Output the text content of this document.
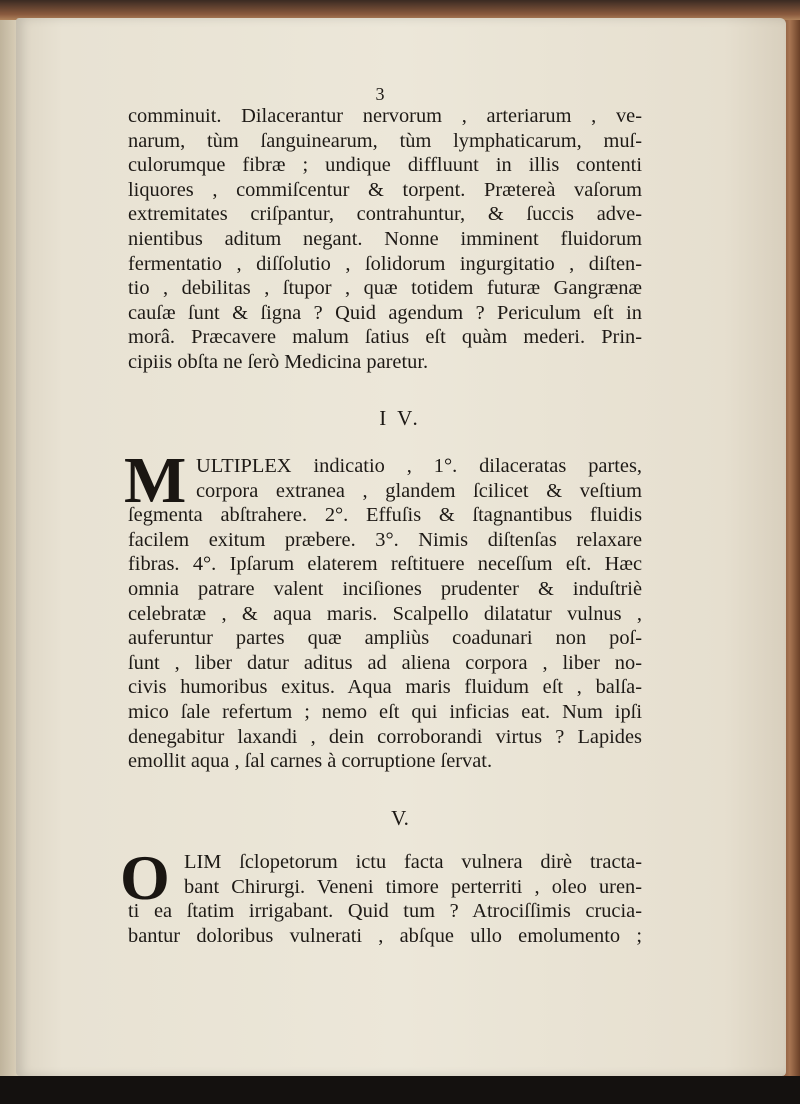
3
comminuit. Dilacerantur nervorum , arteriarum , ve-
narum, tùm ſanguinearum, tùm lymphaticarum, muſ-
culorumque fibræ ; undique diffluunt in illis contenti
liquores , commiſcentur & torpent. Prætereà vaſorum
extremitates criſpantur, contrahuntur, & ſuccis adve-
nientibus aditum negant. Nonne imminent fluidorum
fermentatio , diſſolutio , ſolidorum ingurgitatio , diſten-
tio , debilitas , ſtupor , quæ totidem futuræ Gangrænæ
cauſæ ſunt & ſigna ? Quid agendum ? Periculum eſt in
morâ. Præcavere malum ſatius eſt quàm mederi. Prin-
cipiis obſta ne ſerò Medicina paretur.
I V.
M ULTIPLEX indicatio , 1°. dilaceratas partes,
corpora extranea , glandem ſcilicet & veſtium
ſegmenta abſtrahere. 2°. Effuſis & ſtagnantibus fluidis
facilem exitum præbere. 3°. Nimis diſtenſas relaxare
fibras. 4°. Ipſarum elaterem reſtituere neceſſum eſt. Hæc
omnia patrare valent inciſiones prudenter & induſtriè
celebratæ , & aqua maris. Scalpello dilatatur vulnus ,
auferuntur partes quæ ampliùs coadunari non poſ-
ſunt , liber datur aditus ad aliena corpora , liber no-
civis humoribus exitus. Aqua maris fluidum eſt , balſa-
mico ſale refertum ; nemo eſt qui inficias eat. Num ipſi
denegabitur laxandi , dein corroborandi virtus ? Lapides
emollit aqua , ſal carnes à corruptione ſervat.
V.
O LIM ſclopetorum ictu facta vulnera dirè tracta-
bant Chirurgi. Veneni timore perterriti , oleo uren-
ti ea ſtatim irrigabant. Quid tum ? Atrociſſimis crucia-
bantur doloribus vulnerati , abſque ullo emolumento ;
